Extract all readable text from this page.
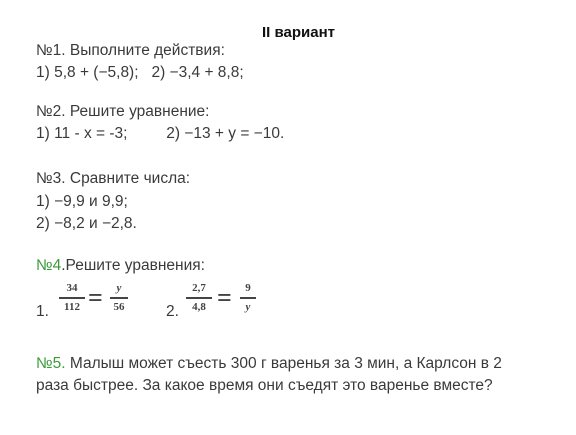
II вариант
№1. Выполните действия:
1) 5,8 + (−5,8);   2) −3,4 + 8,8;
№2. Решите уравнение:
1) 11 - x = -3;         2) −13 + y = −10.
№3. Сравните числа:
1) −9,9 и 9,9;
2) −8,2 и −2,8.
№4.Решите уравнения:
1.
34
112 =	y
56	2.
2,7
4,8 =	9
y
№5. Малыш может съесть 300 г варенья за 3 мин, а Карлсон в 2
раза быстрее. За какое время они съедят это варенье вместе?
